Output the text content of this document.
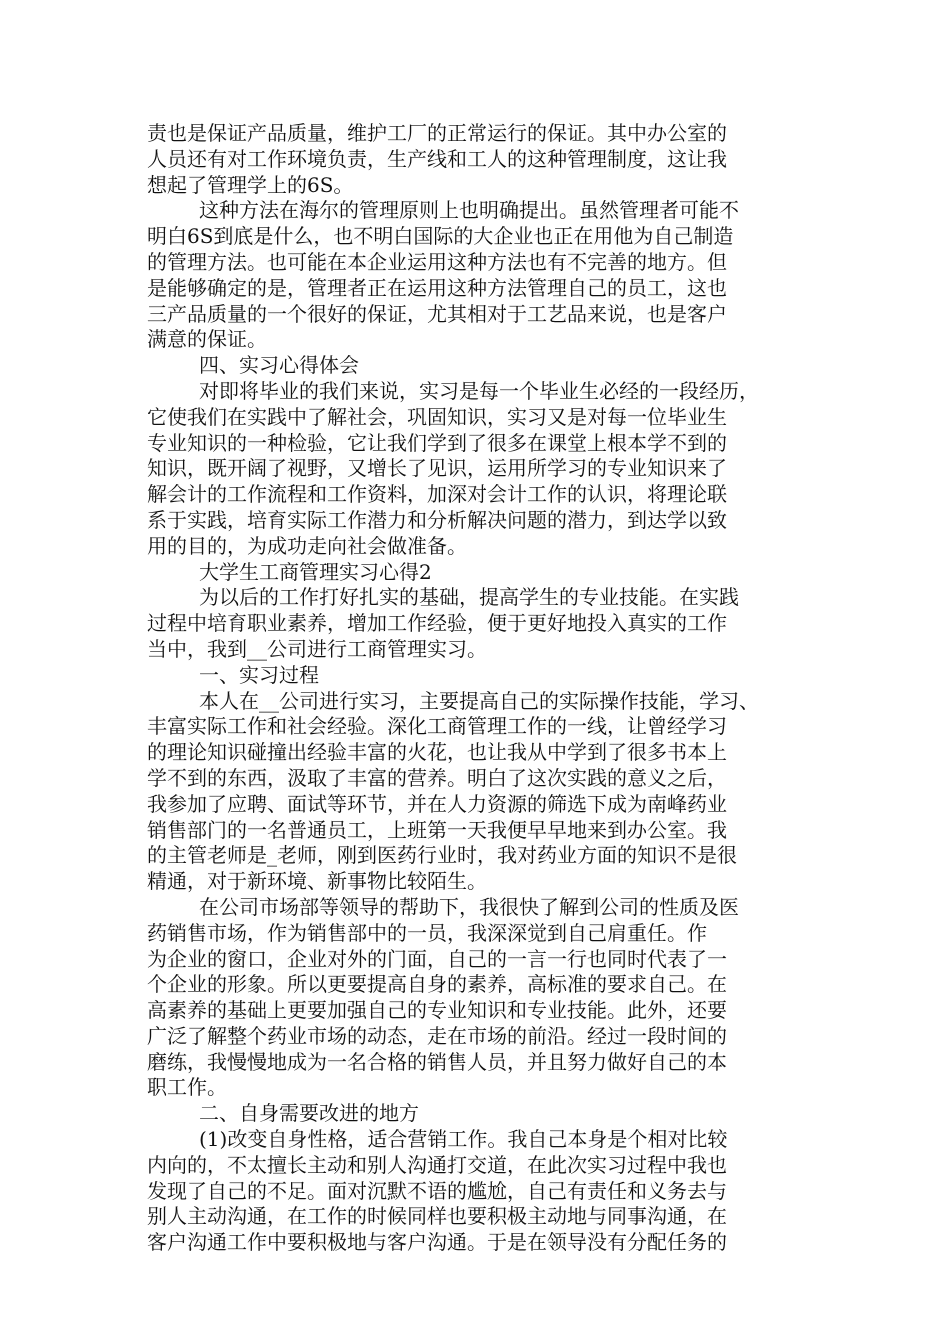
责也是保证产品质量，维护工厂的正常运行的保证。其中办公室的
人员还有对工作环境负责，生产线和工人的这种管理制度，这让我
想起了管理学上的6S。
这种方法在海尔的管理原则上也明确提出。虽然管理者可能不
明白6S到底是什么，也不明白国际的大企业也正在用他为自己制造
的管理方法。也可能在本企业运用这种方法也有不完善的地方。但
是能够确定的是，管理者正在运用这种方法管理自己的员工，这也
三产品质量的一个很好的保证，尤其相对于工艺品来说，也是客户
满意的保证。
四、实习心得体会
对即将毕业的我们来说，实习是每一个毕业生必经的一段经历，
它使我们在实践中了解社会，巩固知识，实习又是对每一位毕业生
专业知识的一种检验，它让我们学到了很多在课堂上根本学不到的
知识，既开阔了视野，又增长了见识，运用所学习的专业知识来了
解会计的工作流程和工作资料，加深对会计工作的认识，将理论联
系于实践，培育实际工作潜力和分析解决问题的潜力，到达学以致
用的目的，为成功走向社会做准备。
大学生工商管理实习心得2
为以后的工作打好扎实的基础，提高学生的专业技能。在实践
过程中培育职业素养，增加工作经验，便于更好地投入真实的工作
当中，我到__公司进行工商管理实习。
一、实习过程
本人在__公司进行实习，主要提高自己的实际操作技能，学习、
丰富实际工作和社会经验。深化工商管理工作的一线，让曾经学习
的理论知识碰撞出经验丰富的火花，也让我从中学到了很多书本上
学不到的东西，汲取了丰富的营养。明白了这次实践的意义之后，
我参加了应聘、面试等环节，并在人力资源的筛选下成为南峰药业
销售部门的一名普通员工，上班第一天我便早早地来到办公室。我
的主管老师是_老师，刚到医药行业时，我对药业方面的知识不是很
精通，对于新环境、新事物比较陌生。
在公司市场部等领导的帮助下，我很快了解到公司的性质及医
药销售市场，作为销售部中的一员，我深深觉到自己肩重任。作
为企业的窗口，企业对外的门面，自己的一言一行也同时代表了一
个企业的形象。所以更要提高自身的素养，高标准的要求自己。在
高素养的基础上更要加强自己的专业知识和专业技能。此外，还要
广泛了解整个药业市场的动态，走在市场的前沿。经过一段时间的
磨练，我慢慢地成为一名合格的销售人员，并且努力做好自己的本
职工作。
二、自身需要改进的地方
(1)改变自身性格，适合营销工作。我自己本身是个相对比较
内向的，不太擅长主动和别人沟通打交道，在此次实习过程中我也
发现了自己的不足。面对沉默不语的尴尬，自己有责任和义务去与
别人主动沟通，在工作的时候同样也要积极主动地与同事沟通，在
客户沟通工作中要积极地与客户沟通。于是在领导没有分配任务的
